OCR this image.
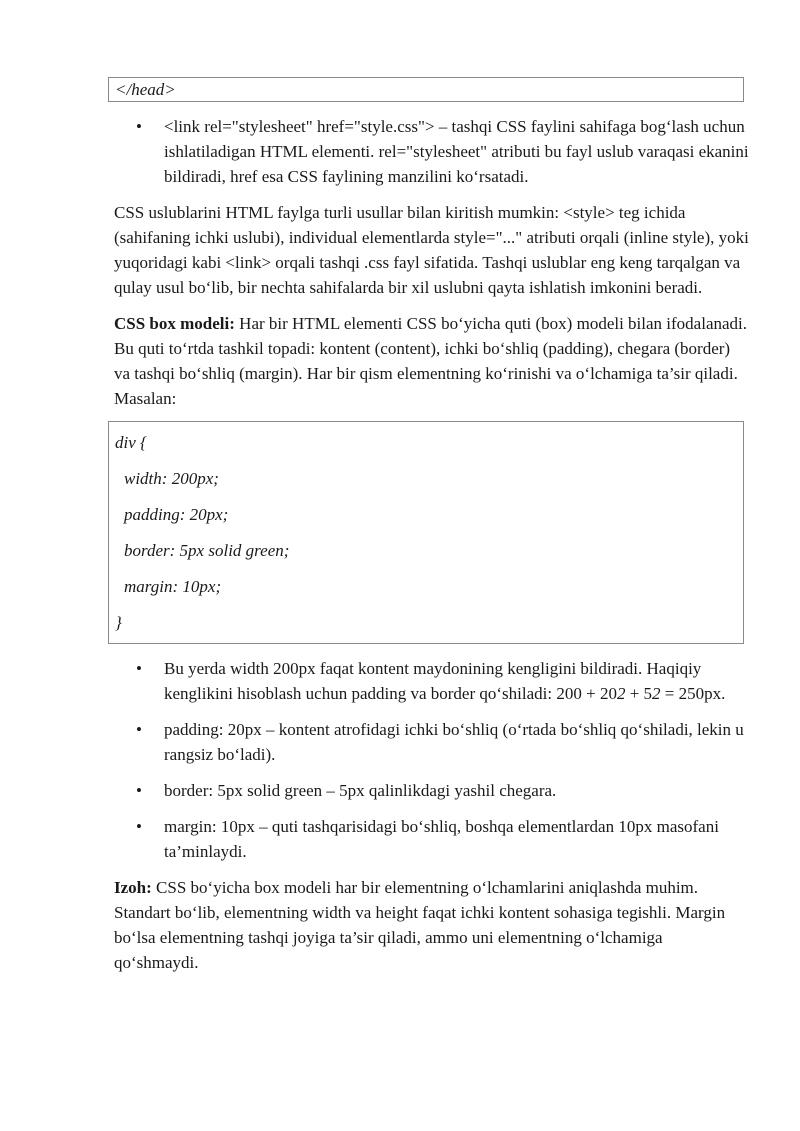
</head>
• <link rel="stylesheet" href="style.css"> – tashqi CSS faylini sahifaga bog‘lash uchun ishlatiladigan HTML elementi. rel="stylesheet" atributi bu fayl uslub varaqasi ekanini bildiradi, href esa CSS faylining manzilini ko‘rsatadi.

CSS uslublarini HTML faylga turli usullar bilan kiritish mumkin: <style> teg ichida (sahifaning ichki uslubi), individual elementlarda style="..." atributi orqali (inline style), yoki yuqoridagi kabi <link> orqali tashqi .css fayl sifatida. Tashqi uslublar eng keng tarqalgan va qulay usul bo‘lib, bir nechta sahifalarda bir xil uslubni qayta ishlatish imkonini beradi.

CSS box modeli: Har bir HTML elementi CSS bo‘yicha quti (box) modeli bilan ifodalanadi. Bu quti to‘rtda tashkil topadi: kontent (content), ichki bo‘shliq (padding), chegara (border) va tashqi bo‘shliq (margin). Har bir qism elementning ko‘rinishi va o‘lchamiga ta’sir qiladi. Masalan:

div {
width: 200px;
padding: 20px;
border: 5px solid green;
margin: 10px;
}
• Bu yerda width 200px faqat kontent maydonining kengligini bildiradi. Haqiqiy kenglikini hisoblash uchun padding va border qo‘shiladi: 200 + 202 + 52 = 250px.
• padding: 20px – kontent atrofidagi ichki bo‘shliq (o‘rtada bo‘shliq qo‘shiladi, lekin u rangsiz bo‘ladi).
• border: 5px solid green – 5px qalinlikdagi yashil chegara.
• margin: 10px – quti tashqarisidagi bo‘shliq, boshqa elementlardan 10px masofani ta’minlaydi.

Izoh: CSS bo‘yicha box modeli har bir elementning o‘lchamlarini aniqlashda muhim. Standart bo‘lib, elementning width va height faqat ichki kontent sohasiga tegishli. Margin bo‘lsa elementning tashqi joyiga ta’sir qiladi, ammo uni elementning o‘lchamiga qo‘shmaydi.
